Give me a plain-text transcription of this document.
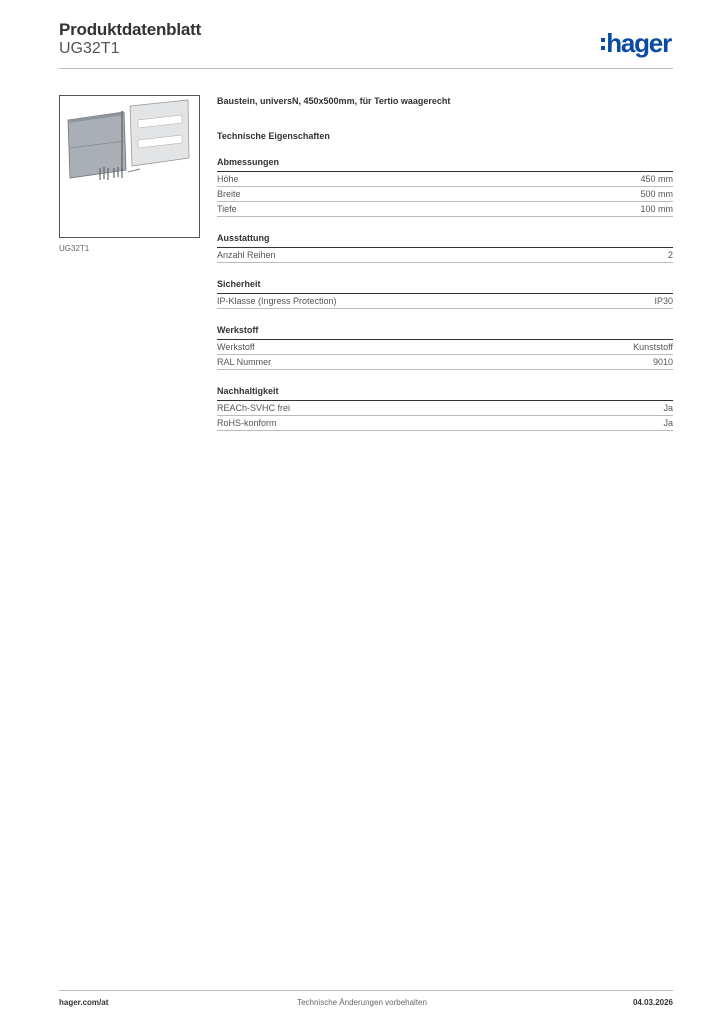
Produktdatenblatt
UG32T1	hager
UG32T1
Baustein, universN, 450x500mm, für Tertio waagerecht
Technische Eigenschaften
Abmessungen
Höhe	450 mm
Breite	500 mm
Tiefe	100 mm
Ausstattung
Anzahl Reihen	2
Sicherheit
IP-Klasse (Ingress Protection)	IP30
Werkstoff
Werkstoff	Kunststoff
RAL Nummer	9010
Nachhaltigkeit
REACh-SVHC frei	Ja
RoHS-konform	Ja
hager.com/at	Technische Änderungen vorbehalten	04.03.2026
